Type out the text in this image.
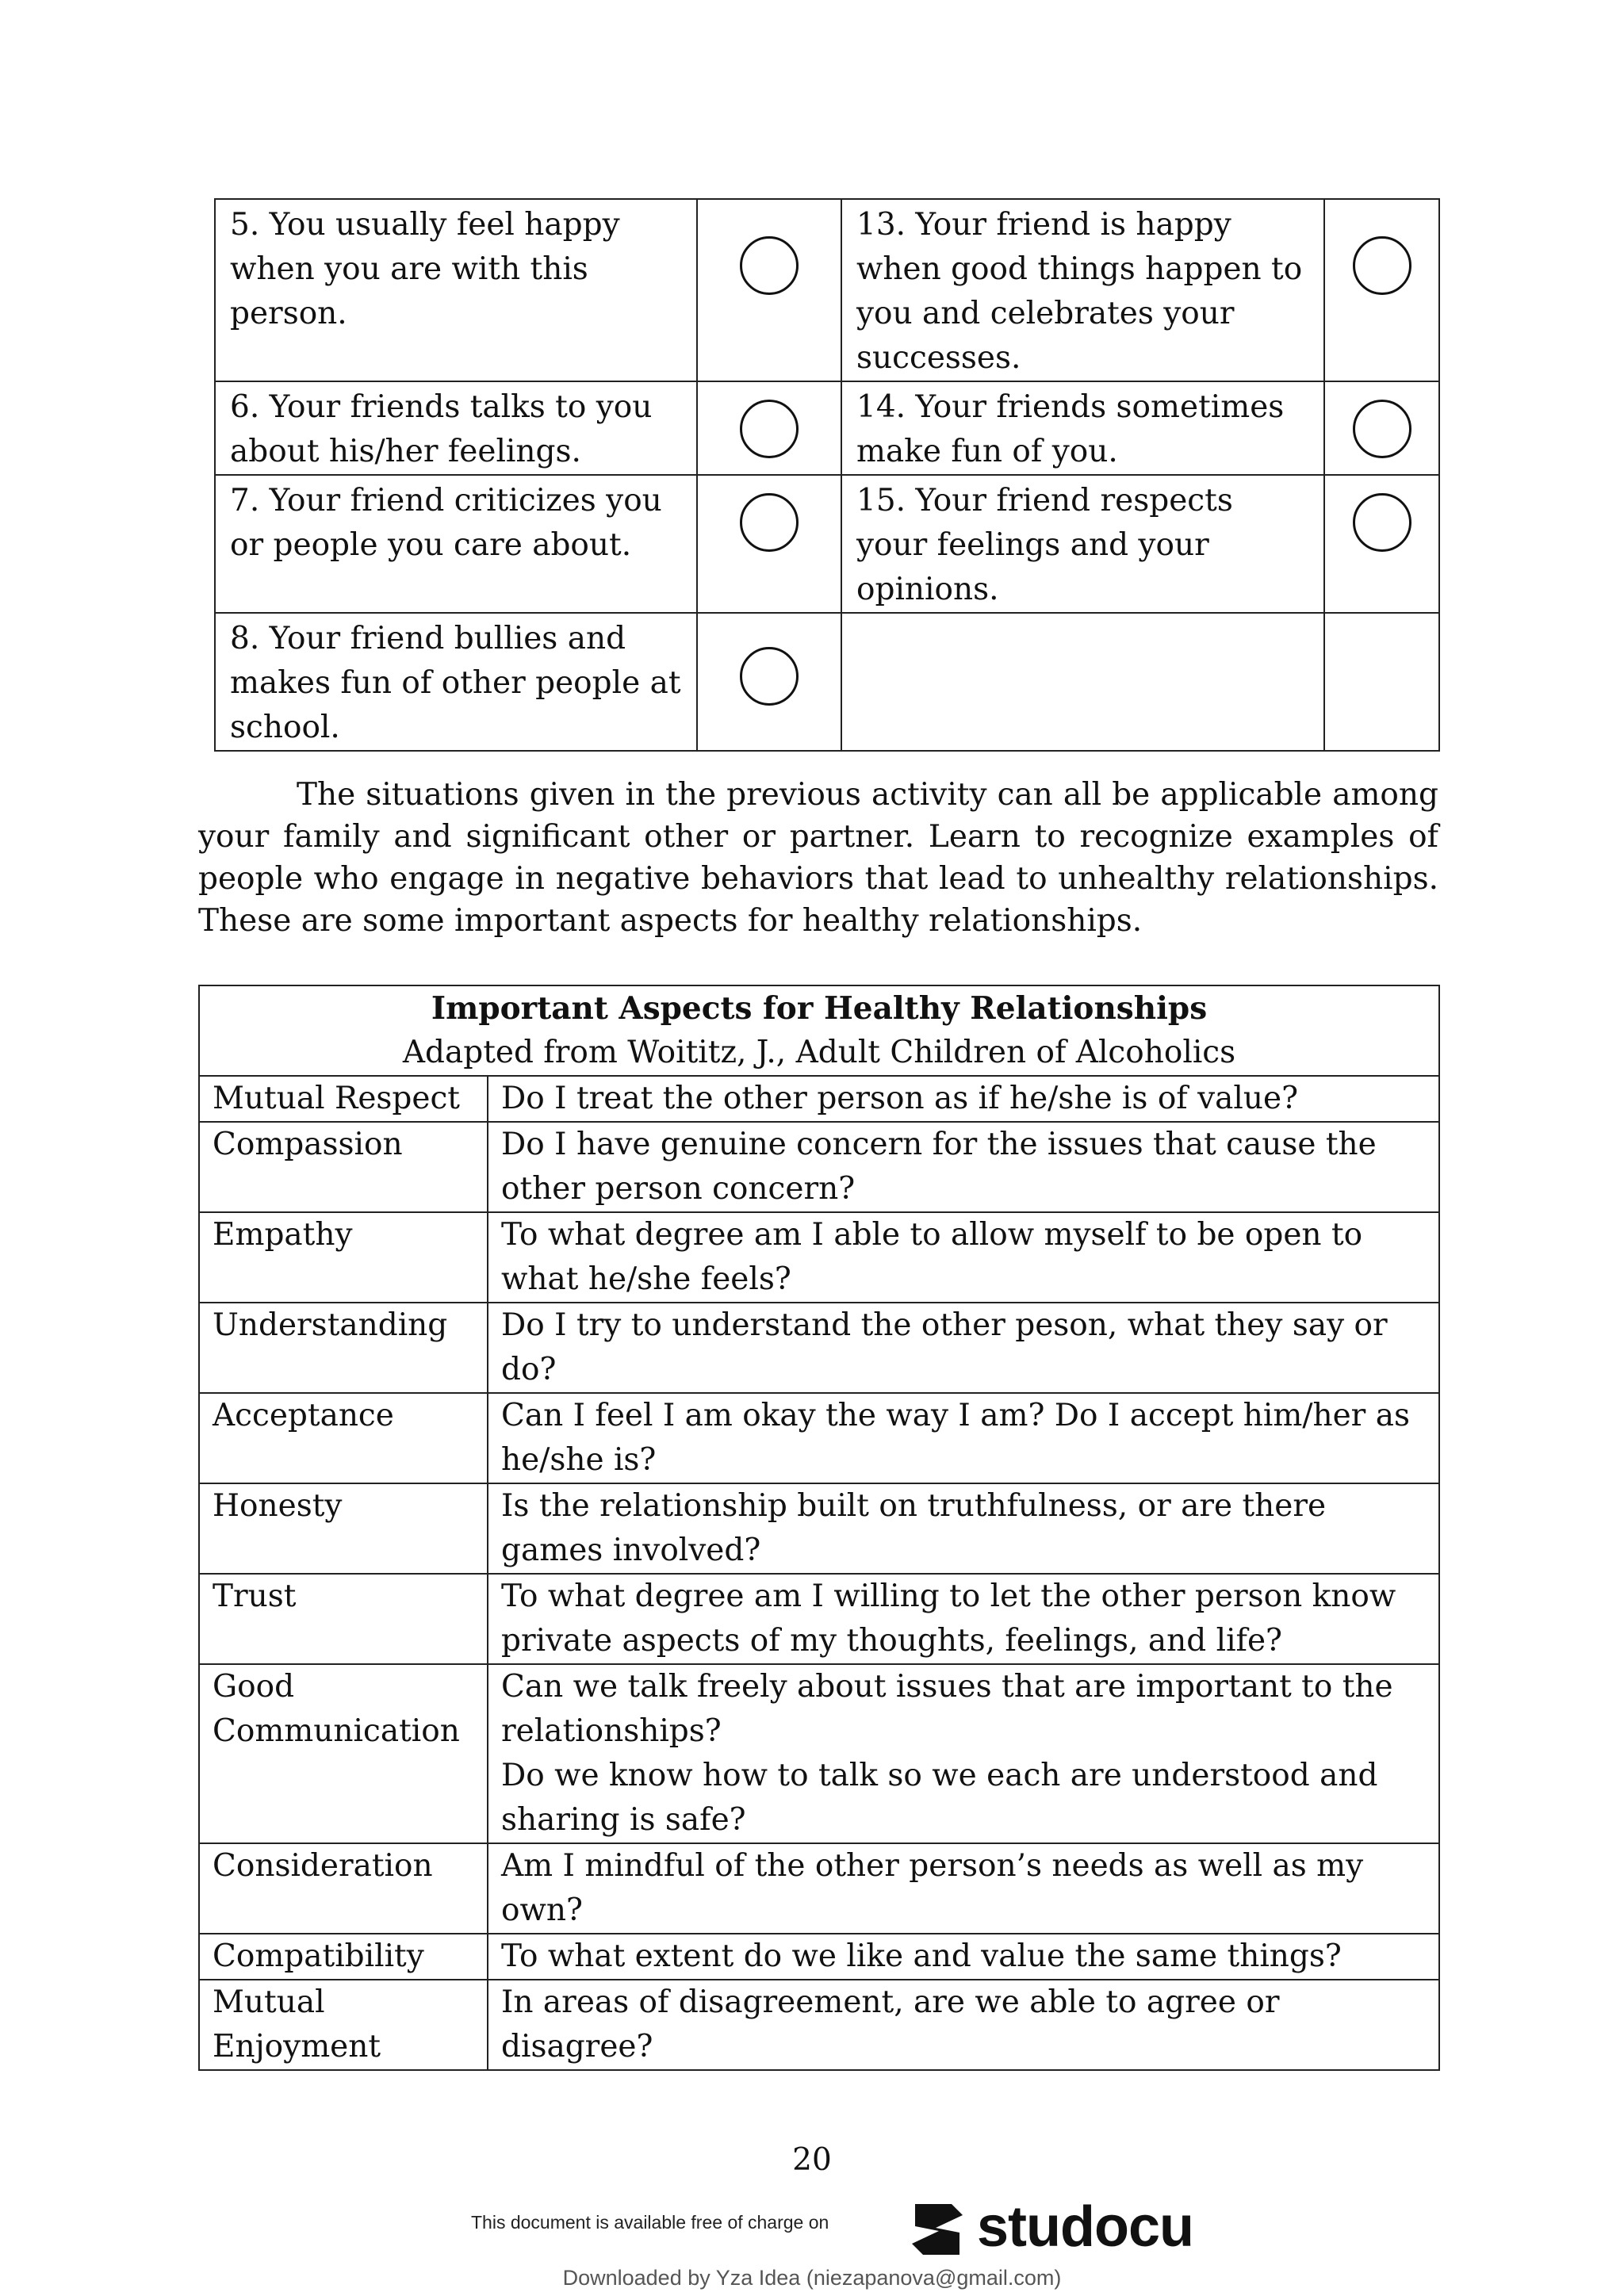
5. You usually feel happy when you are with this person.		13. Your friend is happy when good things happen to you and celebrates your successes.	
6. Your friends talks to you about his/her feelings.		14. Your friends sometimes make fun of you.	
7. Your friend criticizes you or people you care about.		15. Your friend respects your feelings and your opinions.	
8. Your friend bullies and makes fun of other people at school.			

The situations given in the previous activity can all be applicable among your family and significant other or partner. Learn to recognize examples of people who engage in negative behaviors that lead to unhealthy relationships. These are some important aspects for healthy relationships.

Important Aspects for Healthy Relationships
Adapted from Woititz, J., Adult Children of Alcoholics	

Mutual Respect	Do I treat the other person as if he/she is of value?

Compassion	Do I have genuine concern for the issues that cause the other person concern?

Empathy	To what degree am I able to allow myself to be open to what he/she feels?

Understanding	Do I try to understand the other peson, what they say or do?

Acceptance	Can I feel I am okay the way I am? Do I accept him/her as he/she is?

Honesty	Is the relationship built on truthfulness, or are there games involved?

Trust	To what degree am I willing to let the other person know private aspects of my thoughts, feelings, and life?

Good Communication	Can we talk freely about issues that are important to the relationships?
Do we know how to talk so we each are understood and sharing is safe?

Consideration	Am I mindful of the other person’s needs as well as my own?

Compatibility	To what extent do we like and value the same things?

Mutual Enjoyment	In areas of disagreement, are we able to agree or disagree?

20

This document is available free of charge on	studocu
Downloaded by Yza Idea (niezapanova@gmail.com)
